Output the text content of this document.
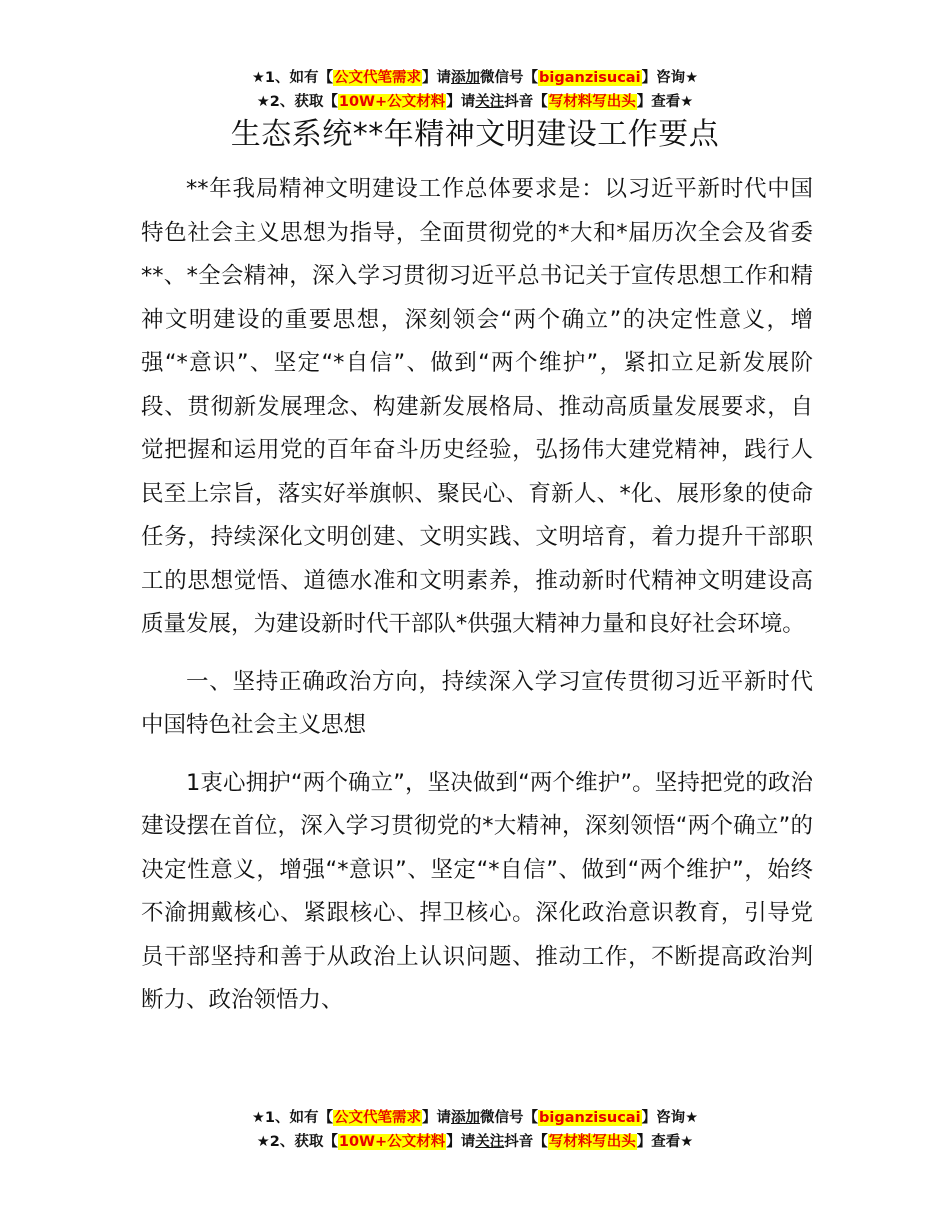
★1、如有【公文代笔需求】请添加微信号【biganzisucai】咨询★
★2、获取【10W+公文材料】请关注抖音【写材料写出头】查看★
生态系统**年精神文明建设工作要点

**年我局精神文明建设工作总体要求是：以习近平新时代中国特色社会主义思想为指导，全面贯彻党的*大和*届历次全会及省委**、*全会精神，深入学习贯彻习近平总书记关于宣传思想工作和精神文明建设的重要思想，深刻领会“两个确立”的决定性意义，增强“*意识”、坚定“*自信”、做到“两个维护”，紧扣立足新发展阶段、贯彻新发展理念、构建新发展格局、推动高质量发展要求，自觉把握和运用党的百年奋斗历史经验，弘扬伟大建党精神，践行人民至上宗旨，落实好举旗帜、聚民心、育新人、*化、展形象的使命任务，持续深化文明创建、文明实践、文明培育，着力提升干部职工的思想觉悟、道德水准和文明素养，推动新时代精神文明建设高质量发展，为建设新时代干部队*供强大精神力量和良好社会环境。

一、坚持正确政治方向，持续深入学习宣传贯彻习近平新时代中国特色社会主义思想

1衷心拥护“两个确立”，坚决做到“两个维护”。坚持把党的政治建设摆在首位，深入学习贯彻党的*大精神，深刻领悟“两个确立”的决定性意义，增强“*意识”、坚定“*自信”、做到“两个维护”，始终不渝拥戴核心、紧跟核心、捍卫核心。深化政治意识教育，引导党员干部坚持和善于从政治上认识问题、推动工作，不断提高政治判断力、政治领悟力、

★1、如有【公文代笔需求】请添加微信号【biganzisucai】咨询★
★2、获取【10W+公文材料】请关注抖音【写材料写出头】查看★
